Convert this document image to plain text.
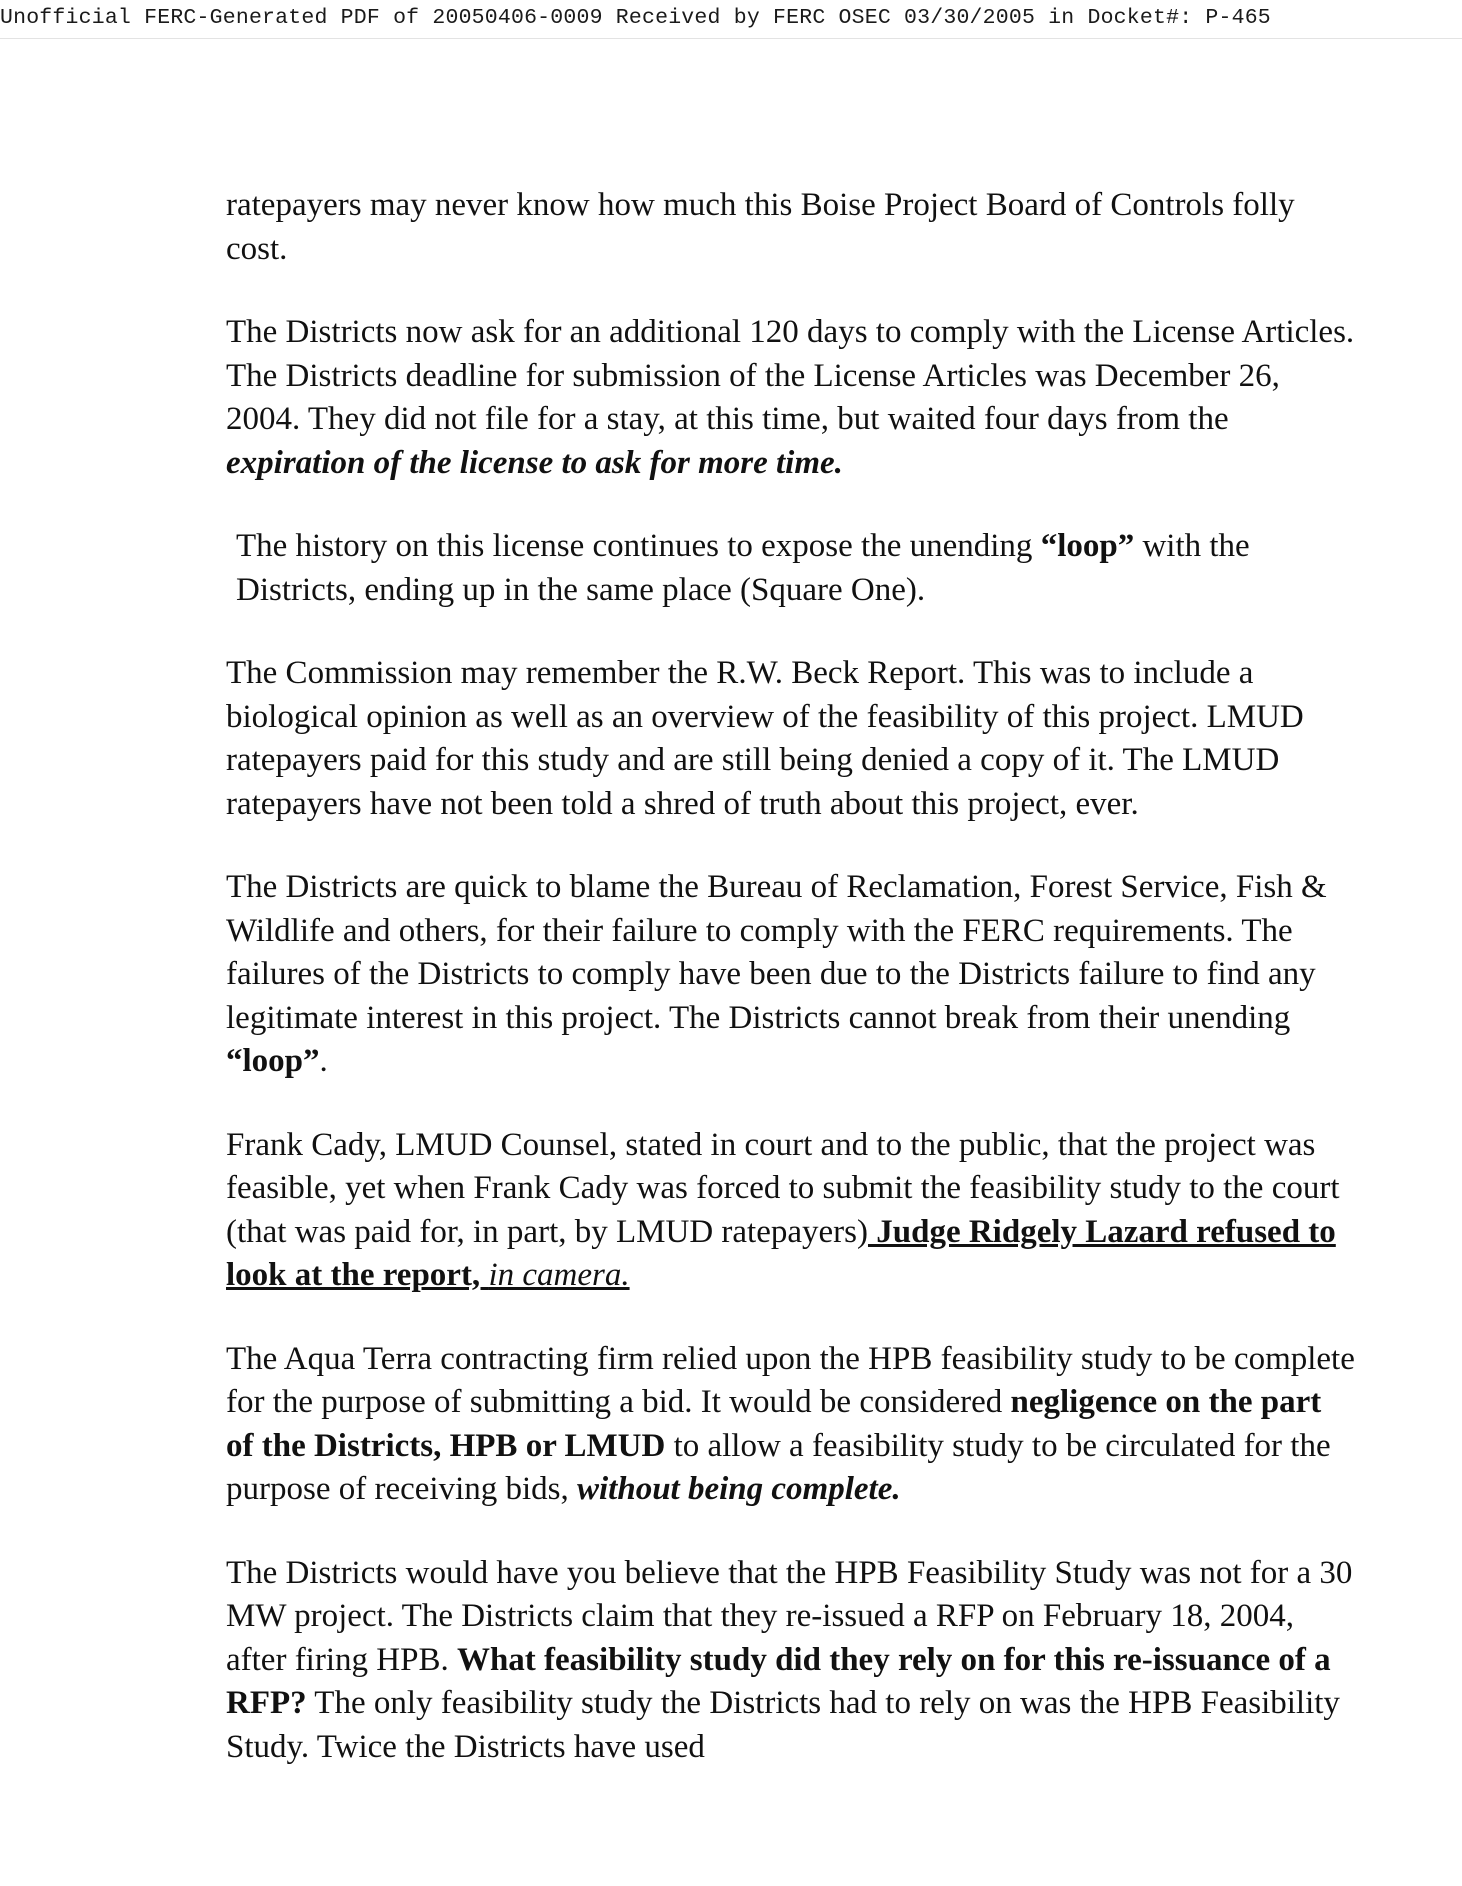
Unofficial FERC-Generated PDF of 20050406-0009 Received by FERC OSEC 03/30/2005 in Docket#: P-465

ratepayers may never know how much this Boise Project Board of Controls folly cost.

The Districts now ask for an additional 120 days to comply with the License Articles. The Districts deadline for submission of the License Articles was December 26, 2004. They did not file for a stay, at this time, but waited four days from the expiration of the license to ask for more time.

The history on this license continues to expose the unending “loop” with the Districts, ending up in the same place (Square One).

The Commission may remember the R.W. Beck Report. This was to include a biological opinion as well as an overview of the feasibility of this project. LMUD ratepayers paid for this study and are still being denied a copy of it. The LMUD ratepayers have not been told a shred of truth about this project, ever.

The Districts are quick to blame the Bureau of Reclamation, Forest Service, Fish & Wildlife and others, for their failure to comply with the FERC requirements. The failures of the Districts to comply have been due to the Districts failure to find any legitimate interest in this project. The Districts cannot break from their unending “loop”.

Frank Cady, LMUD Counsel, stated in court and to the public, that the project was feasible, yet when Frank Cady was forced to submit the feasibility study to the court (that was paid for, in part, by LMUD ratepayers) Judge Ridgely Lazard refused to look at the report, in camera.

The Aqua Terra contracting firm relied upon the HPB feasibility study to be complete for the purpose of submitting a bid. It would be considered negligence on the part of the Districts, HPB or LMUD to allow a feasibility study to be circulated for the purpose of receiving bids, without being complete.

The Districts would have you believe that the HPB Feasibility Study was not for a 30 MW project. The Districts claim that they re-issued a RFP on February 18, 2004, after firing HPB. What feasibility study did they rely on for this re-issuance of a RFP? The only feasibility study the Districts had to rely on was the HPB Feasibility Study. Twice the Districts have used
